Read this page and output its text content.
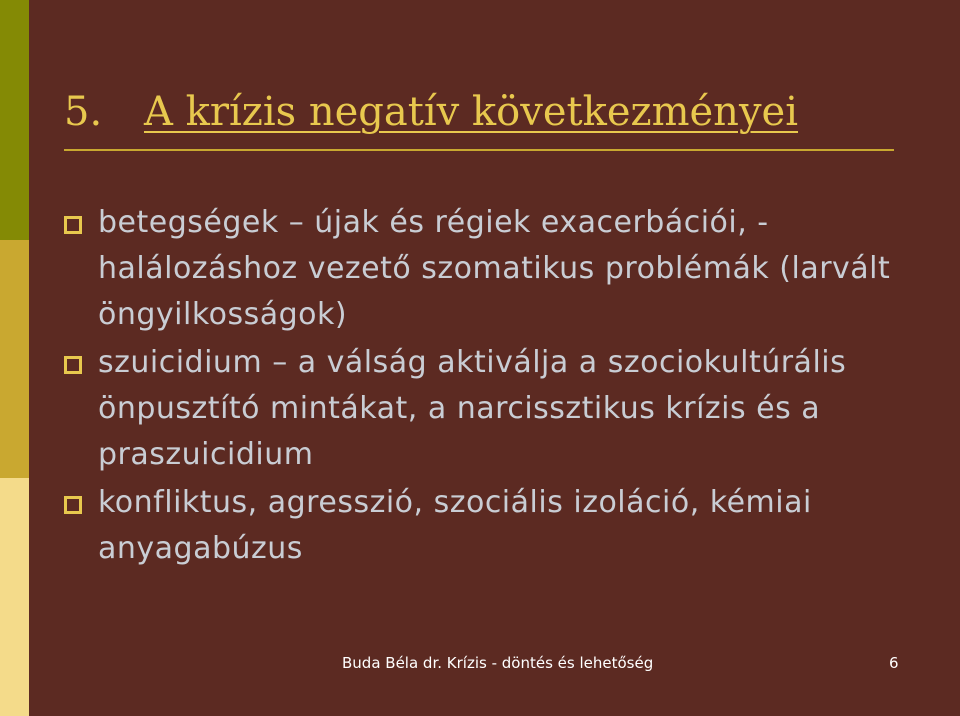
5. A krízis negatív következményei
betegségek – újak és régiek exacerbációi, - halálozáshoz vezető szomatikus problémák (larvált öngyilkosságok)
szuicidium – a válság aktiválja a szociokultúrális önpusztító mintákat, a narcissztikus krízis és a praszuicidium
konfliktus, agresszió, szociális izoláció, kémiai anyagabúzus
Buda Béla dr. Krízis - döntés és lehetőség	6
